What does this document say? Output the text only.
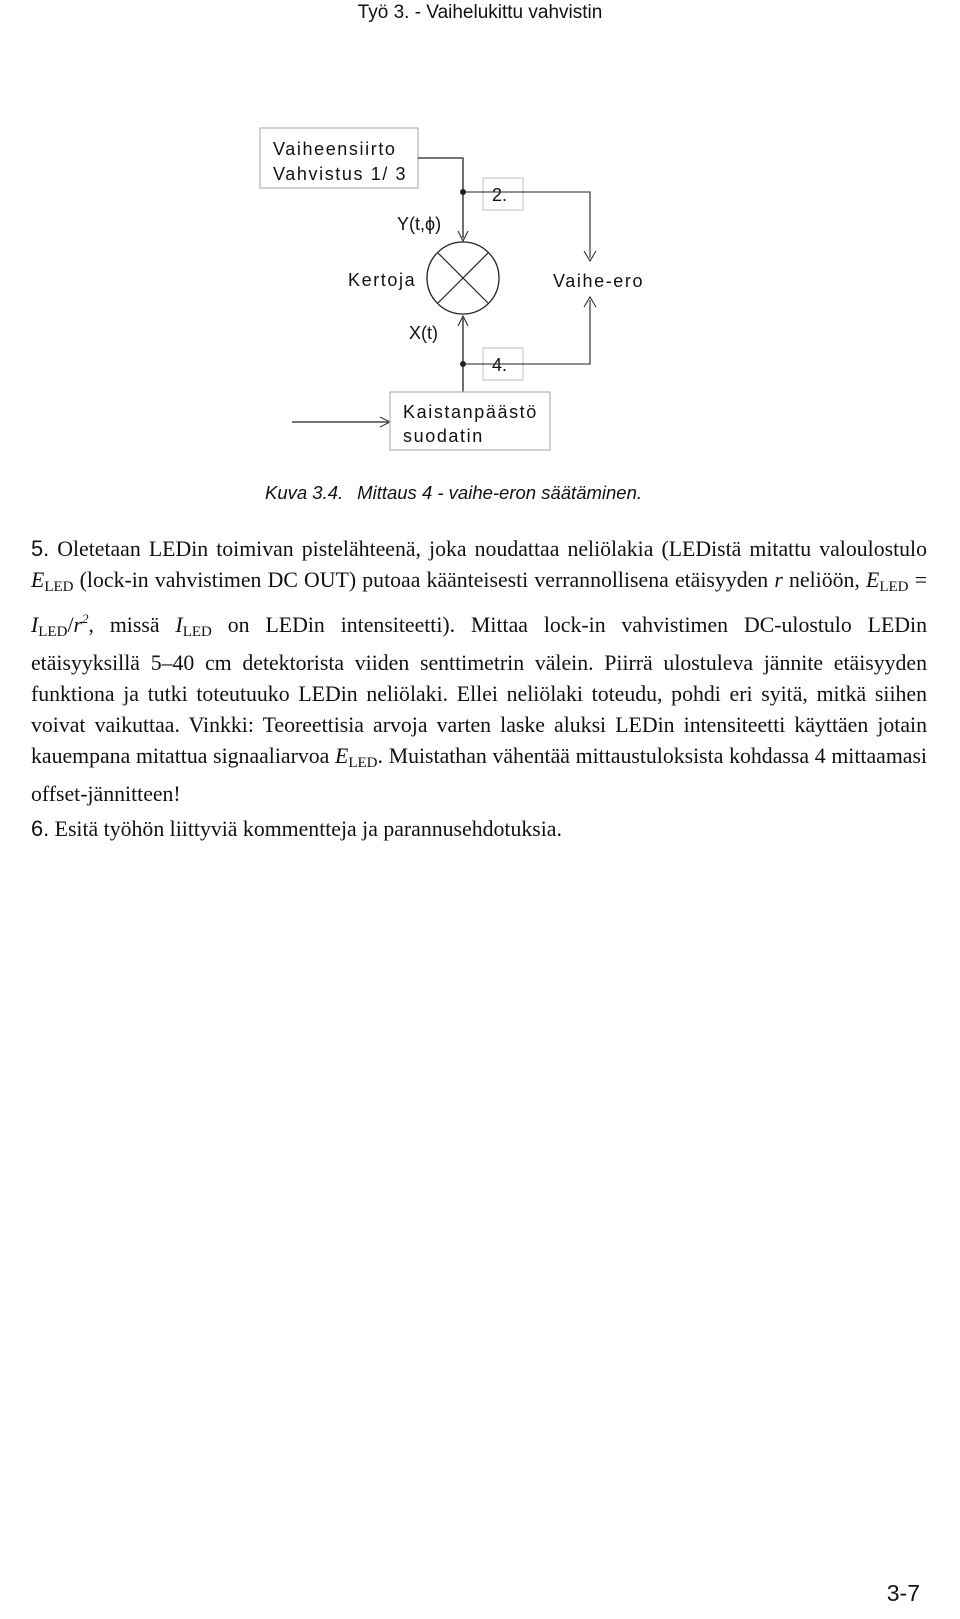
Työ 3. - Vaihelukittu vahvistin
Vaiheensiirto
Vahvistus 1/ 3
2.
Y(t,ϕ)
Kertoja
4.
X(t)
Vaihe-ero
Kaistanpäästö
suodatin
Kuva 3.4. Mittaus 4 - vaihe-eron säätäminen.

5. Oletetaan LEDin toimivan pistelähteenä, joka noudattaa neliölakia (LEDistä mitattu valoulostulo $E_{LED}$ (lock-in vahvistimen DC OUT) putoaa käänteisesti verrannollisena etäisyyden r neliöön, $E_{LED} = I_{LED}/r^2$, missä $I_{LED}$ on LEDin intensiteetti). Mittaa lock-in vahvistimen DC-ulostulo LEDin etäisyyksillä 5–40 cm detektorista viiden senttimetrin välein. Piirrä ulostuleva jännite etäisyyden funktiona ja tutki toteutuuko LEDin neliölaki. Ellei neliölaki toteudu, pohdi eri syitä, mitkä siihen voivat vaikuttaa. Vinkki: Teoreettisia arvoja varten laske aluksi LEDin intensiteetti käyttäen jotain kauempana mitattua signaaliarvoa $E_{LED}$. Muistathan vähentää mittaustuloksista kohdassa 4 mittaamasi offset-jännitteen!

6. Esitä työhön liittyviä kommentteja ja parannusehdotuksia.

3-7
